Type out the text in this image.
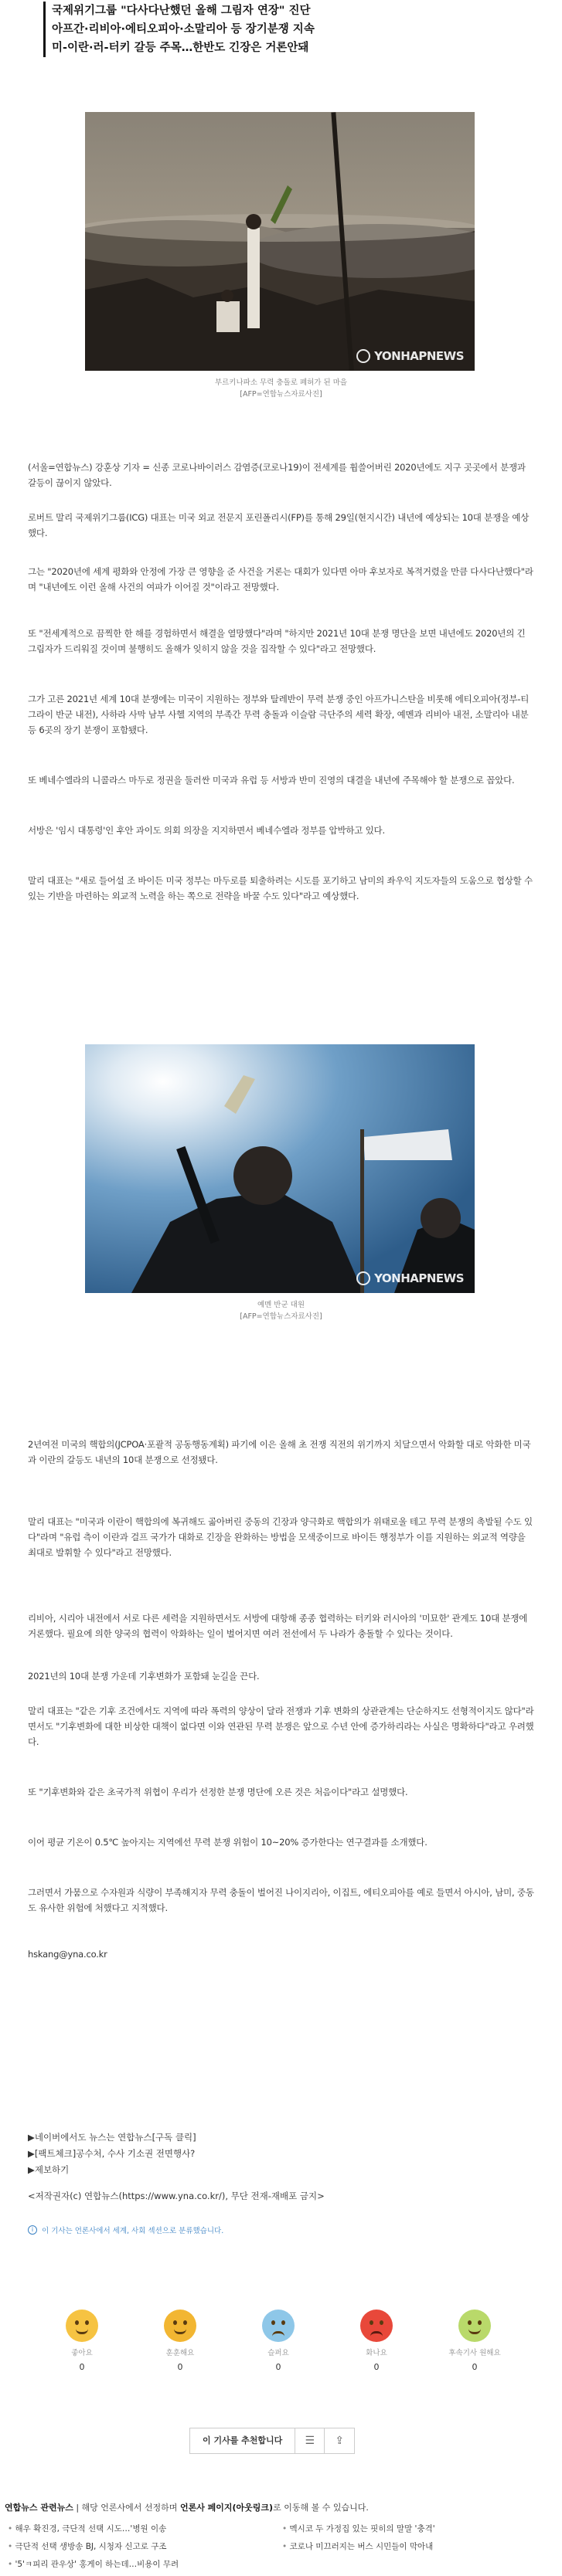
국제위기그룹 "다사다난했던 올해 그림자 연장" 진단

아프간·리비아·에티오피아·소말리아 등 장기분쟁 지속

미-이란·러-터키 갈등 주목…한반도 긴장은 거론안돼

YONHAPNEWS
부르키나파소 무력 충돌로 폐허가 된 마을
[AFP=연합뉴스자료사진]

(서울=연합뉴스) 강훈상 기자 = 신종 코로나바이러스 감염증(코로나19)이 전세계를 휩쓸어버린 2020년에도 지구 곳곳에서 분쟁과 갈등이 끊이지 않았다.

로버트 말리 국제위기그룹(ICG) 대표는 미국 외교 전문지 포린폴리시(FP)를 통해 29일(현지시간) 내년에 예상되는 10대 분쟁을 예상했다.

그는 "2020년에 세계 평화와 안정에 가장 큰 영향을 준 사건을 거론는 대회가 있다면 아마 후보자로 복적거렸을 만큼 다사다난했다"라며 "내년에도 이런 올해 사건의 여파가 이어질 것"이라고 전망했다.

또 "전세계적으로 끔찍한 한 해를 경험하면서 해결을 열망했다"라며 "하지만 2021년 10대 분쟁 명단을 보면 내년에도 2020년의 긴 그림자가 드리워질 것이며 불행히도 올해가 잊히지 않을 것을 집작할 수 있다"라고 전망했다.

그가 고른 2021년 세계 10대 분쟁에는 미국이 지원하는 정부와 탈레반이 무력 분쟁 중인 아프가니스탄을 비롯해 에티오피아(정부-티그라이 반군 내전), 사하라 사막 남부 사헬 지역의 부족간 무력 충돌과 이슬람 극단주의 세력 확장, 예멘과 리비아 내전, 소말리아 내분 등 6곳의 장기 분쟁이 포함됐다.

또 베네수엘라의 니콜라스 마두로 정권을 둘러싼 미국과 유럽 등 서방과 반미 진영의 대결을 내년에 주목해야 할 분쟁으로 꼽았다.

서방은 '임시 대통령'인 후안 과이도 의회 의장을 지지하면서 베네수엘라 정부를 압박하고 있다.

말리 대표는 "새로 들어설 조 바이든 미국 정부는 마두로를 퇴출하려는 시도를 포기하고 남미의 좌우익 지도자들의 도움으로 협상할 수 있는 기반을 마련하는 외교적 노력을 하는 쪽으로 전략을 바꿀 수도 있다"라고 예상했다.

YONHAPNEWS
예멘 반군 대원
[AFP=연합뉴스자료사진]

2년여전 미국의 핵합의(JCPOA·포괄적 공동행동계획) 파기에 이은 올해 초 전쟁 직전의 위기까지 치달으면서 악화할 대로 악화한 미국과 이란의 갈등도 내년의 10대 분쟁으로 선정됐다.

말리 대표는 "미국과 이란이 핵합의에 복귀해도 곪아버린 중동의 긴장과 양극화로 핵합의가 위태로울 테고 무력 분쟁의 촉발될 수도 있다"라며 "유럽 측이 이란과 걸프 국가가 대화로 긴장을 완화하는 방법을 모색중이므로 바이든 행정부가 이를 지원하는 외교적 역량을 최대로 발휘할 수 있다"라고 전망했다.

리비아, 시리아 내전에서 서로 다른 세력을 지원하면서도 서방에 대항해 종종 협력하는 터키와 러시아의 '미묘한' 관계도 10대 분쟁에 거론했다. 필요에 의한 양국의 협력이 악화하는 일이 벌어지면 여러 전선에서 두 나라가 충돌할 수 있다는 것이다.

2021년의 10대 분쟁 가운데 기후변화가 포함돼 눈길을 끈다.

말리 대표는 "같은 기후 조건에서도 지역에 따라 폭력의 양상이 달라 전쟁과 기후 변화의 상관관계는 단순하지도 선형적이지도 않다"라면서도 "기후변화에 대한 비상한 대책이 없다면 이와 연관된 무력 분쟁은 앞으로 수년 안에 증가하리라는 사실은 명확하다"라고 우려했다.

또 "기후변화와 같은 초국가적 위협이 우리가 선정한 분쟁 명단에 오른 것은 처음이다"라고 설명했다.

이어 평균 기온이 0.5℃ 높아지는 지역에선 무력 분쟁 위험이 10~20% 증가한다는 연구결과를 소개했다.

그러면서 가뭄으로 수자원과 식량이 부족해지자 무력 충돌이 벌어진 나이지리아, 이집트, 에티오피아를 예로 들면서 아시아, 남미, 중동도 유사한 위험에 처했다고 지적했다.

hskang@yna.co.kr

▶네이버에서도 뉴스는 연합뉴스[구독 클릭]
▶[팩트체크]공수처, 수사 기소권 전면행사?
▶제보하기
<저작권자(c) 연합뉴스(https://www.yna.co.kr/), 무단 전재-재배포 금지>
i	이 기사는 언론사에서 세계, 사회 섹션으로 분류했습니다.
좋아요
0
훈훈해요
0
슬퍼요
0
화나요
0
후속기사 원해요
0
이 기사를 추천합니다	☰	⇪
연합뉴스 관련뉴스 | 해당 언론사에서 선정하며 언론사 페이지(아웃링크)로 이동해 볼 수 있습니다.
• 해우 확진경, 극단적 선택 시도…'병원 이송	• 멕시코 두 가정집 있는 핏히의 말말 '충격'
• 극단적 선택 생방송 BJ, 시청자 신고로 구조	• 코로나 미끄러지는 버스 시민들이 막아내
• '5'ㅋ피리 관우상' 홍게이 하는데…비용이 무려
